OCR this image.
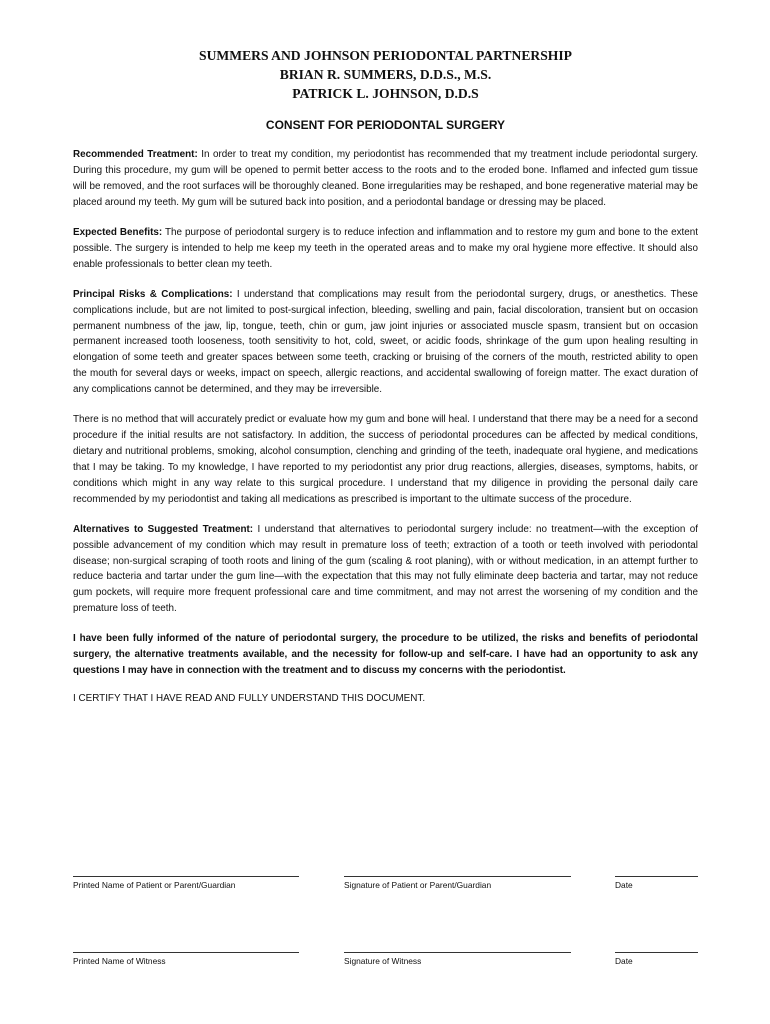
SUMMERS AND JOHNSON PERIODONTAL PARTNERSHIP
BRIAN R. SUMMERS, D.D.S., M.S.
PATRICK L. JOHNSON, D.D.S
CONSENT FOR PERIODONTAL SURGERY

Recommended Treatment: In order to treat my condition, my periodontist has recommended that my treatment include periodontal surgery. During this procedure, my gum will be opened to permit better access to the roots and to the eroded bone. Inflamed and infected gum tissue will be removed, and the root surfaces will be thoroughly cleaned. Bone irregularities may be reshaped, and bone regenerative material may be placed around my teeth. My gum will be sutured back into position, and a periodontal bandage or dressing may be placed.

Expected Benefits: The purpose of periodontal surgery is to reduce infection and inflammation and to restore my gum and bone to the extent possible. The surgery is intended to help me keep my teeth in the operated areas and to make my oral hygiene more effective. It should also enable professionals to better clean my teeth.

Principal Risks & Complications: I understand that complications may result from the periodontal surgery, drugs, or anesthetics. These complications include, but are not limited to post-surgical infection, bleeding, swelling and pain, facial discoloration, transient but on occasion permanent numbness of the jaw, lip, tongue, teeth, chin or gum, jaw joint injuries or associated muscle spasm, transient but on occasion permanent increased tooth looseness, tooth sensitivity to hot, cold, sweet, or acidic foods, shrinkage of the gum upon healing resulting in elongation of some teeth and greater spaces between some teeth, cracking or bruising of the corners of the mouth, restricted ability to open the mouth for several days or weeks, impact on speech, allergic reactions, and accidental swallowing of foreign matter. The exact duration of any complications cannot be determined, and they may be irreversible.

There is no method that will accurately predict or evaluate how my gum and bone will heal. I understand that there may be a need for a second procedure if the initial results are not satisfactory. In addition, the success of periodontal procedures can be affected by medical conditions, dietary and nutritional problems, smoking, alcohol consumption, clenching and grinding of the teeth, inadequate oral hygiene, and medications that I may be taking. To my knowledge, I have reported to my periodontist any prior drug reactions, allergies, diseases, symptoms, habits, or conditions which might in any way relate to this surgical procedure. I understand that my diligence in providing the personal daily care recommended by my periodontist and taking all medications as prescribed is important to the ultimate success of the procedure.

Alternatives to Suggested Treatment: I understand that alternatives to periodontal surgery include: no treatment—with the exception of possible advancement of my condition which may result in premature loss of teeth; extraction of a tooth or teeth involved with periodontal disease; non-surgical scraping of tooth roots and lining of the gum (scaling & root planing), with or without medication, in an attempt further to reduce bacteria and tartar under the gum line—with the expectation that this may not fully eliminate deep bacteria and tartar, may not reduce gum pockets, will require more frequent professional care and time commitment, and may not arrest the worsening of my condition and the premature loss of teeth.

I have been fully informed of the nature of periodontal surgery, the procedure to be utilized, the risks and benefits of periodontal surgery, the alternative treatments available, and the necessity for follow-up and self-care. I have had an opportunity to ask any questions I may have in connection with the treatment and to discuss my concerns with the periodontist.

I CERTIFY THAT I HAVE READ AND FULLY UNDERSTAND THIS DOCUMENT.

Printed Name of Patient or Parent/Guardian	Signature of Patient or Parent/Guardian	Date
Printed Name of Witness	Signature of Witness	Date
